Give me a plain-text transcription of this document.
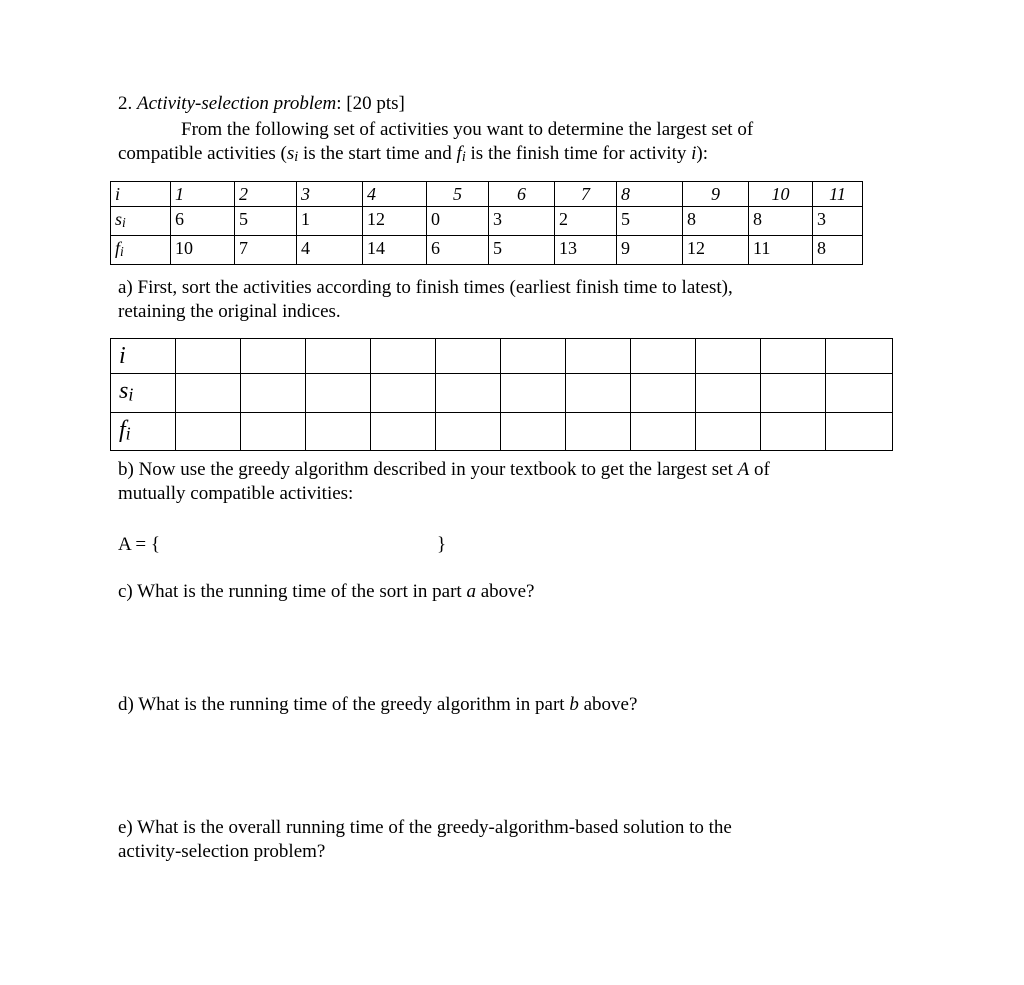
2. Activity-selection problem: [20 pts]
From the following set of activities you want to determine the largest set of
compatible activities (si is the start time and fi is the finish time for activity i):
i	1	2	3	4	5	6	7	8	9	10	11
si	6	5	1	12	0	3	2	5	8	8	3
fi	10	7	4	14	6	5	13	9	12	11	8
a) First, sort the activities according to finish times (earliest finish time to latest),
retaining the original indices.
i											
si											
fi											
b) Now use the greedy algorithm described in your textbook to get the largest set A of
mutually compatible activities:
A = {	}
c) What is the running time of the sort in part a above?
d) What is the running time of the greedy algorithm in part b above?
e) What is the overall running time of the greedy-algorithm-based solution to the
activity-selection problem?
